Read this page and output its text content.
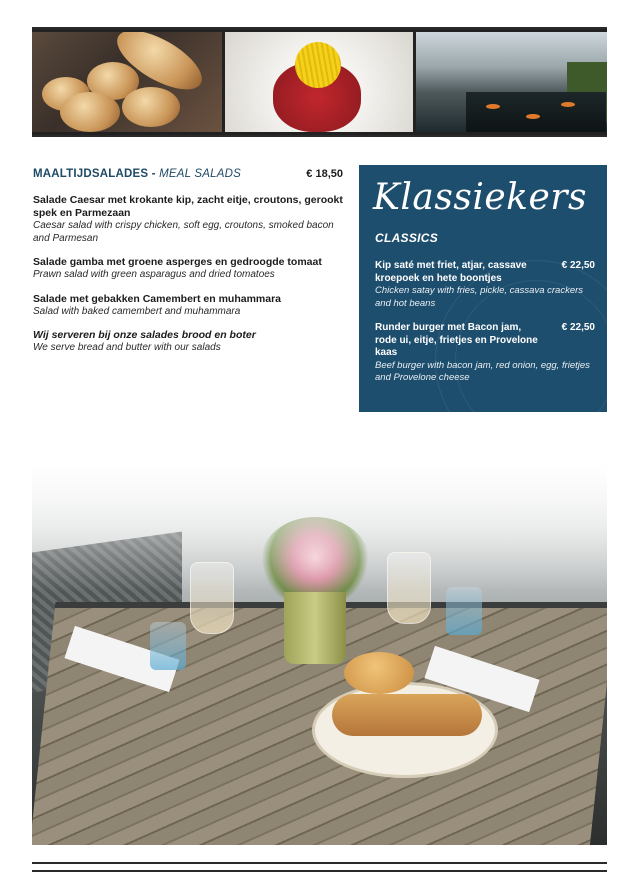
MAALTIJDSALADES - MEAL SALADS	€ 18,50
Salade Caesar met krokante kip, zacht eitje, croutons, gerookt spek en Parmezaan
Caesar salad with crispy chicken, soft egg, croutons, smoked bacon and Parmesan
Salade gamba met groene asperges en gedroogde tomaat
Prawn salad with green asparagus and dried tomatoes
Salade met gebakken Camembert en muhammara
Salad with baked camembert and muhammara
Wij serveren bij onze salades brood en boter
We serve bread and butter with our salads
Klassiekers
CLASSICS
Kip saté met friet, atjar, cassave kroepoek en hete boontjes
€ 22,50
Chicken satay with fries, pickle, cassava crackers and hot beans
Runder burger met Bacon jam, rode ui, eitje, frietjes en Provelone kaas
€ 22,50
Beef burger with bacon jam, red onion, egg, frietjes and Provelone cheese
